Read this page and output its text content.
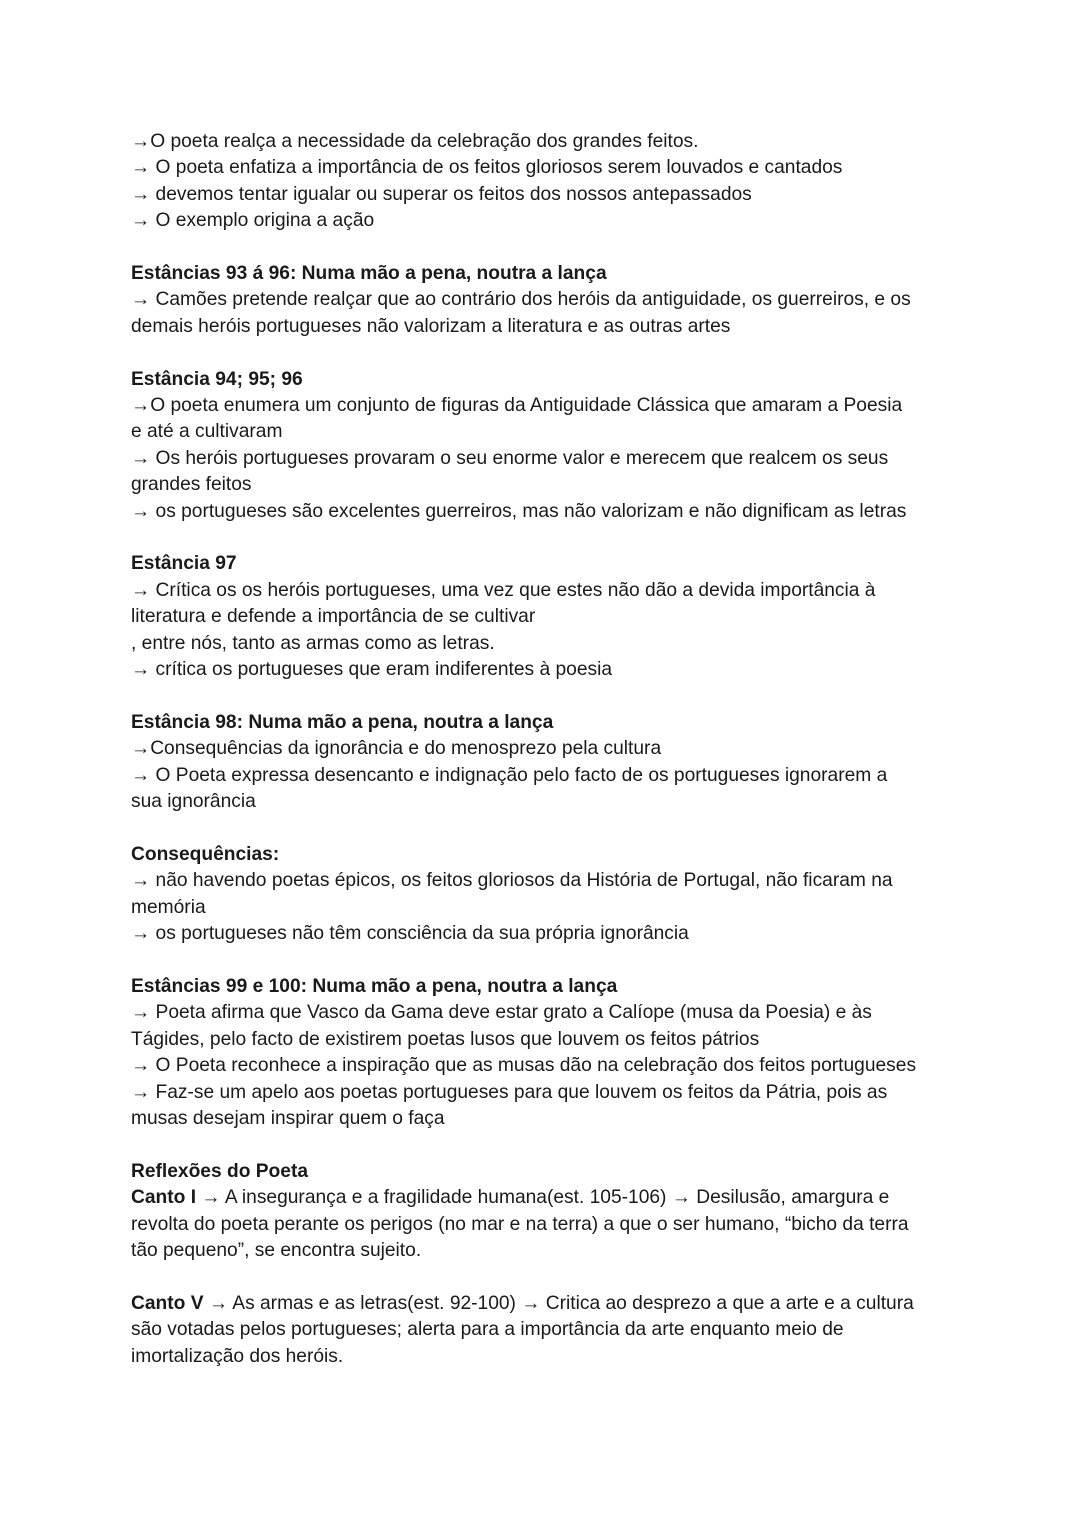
→O poeta realça a necessidade da celebração dos grandes feitos.
→ O poeta enfatiza a importância de os feitos gloriosos serem louvados e cantados
→ devemos tentar igualar ou superar os feitos dos nossos antepassados
→ O exemplo origina a ação
Estâncias 93 á 96: Numa mão a pena, noutra a lança
→ Camões pretende realçar que ao contrário dos heróis da antiguidade, os guerreiros, e os
demais heróis portugueses não valorizam a literatura e as outras artes
Estância 94; 95; 96
→O poeta enumera um conjunto de figuras da Antiguidade Clássica que amaram a Poesia
e até a cultivaram
→ Os heróis portugueses provaram o seu enorme valor e merecem que realcem os seus
grandes feitos
→ os portugueses são excelentes guerreiros, mas não valorizam e não dignificam as letras
Estância 97
→ Crítica os os heróis portugueses, uma vez que estes não dão a devida importância à
literatura e defende a importância de se cultivar
, entre nós, tanto as armas como as letras.
→ crítica os portugueses que eram indiferentes à poesia
Estância 98: Numa mão a pena, noutra a lança
→Consequências da ignorância e do menosprezo pela cultura
→ O Poeta expressa desencanto e indignação pelo facto de os portugueses ignorarem a
sua ignorância
Consequências:
→ não havendo poetas épicos, os feitos gloriosos da História de Portugal, não ficaram na
memória
→ os portugueses não têm consciência da sua própria ignorância
Estâncias 99 e 100: Numa mão a pena, noutra a lança
→ Poeta afirma que Vasco da Gama deve estar grato a Calíope (musa da Poesia) e às
Tágides, pelo facto de existirem poetas lusos que louvem os feitos pátrios
→ O Poeta reconhece a inspiração que as musas dão na celebração dos feitos portugueses
→ Faz-se um apelo aos poetas portugueses para que louvem os feitos da Pátria, pois as
musas desejam inspirar quem o faça
Reflexões do Poeta
Canto I → A insegurança e a fragilidade humana(est. 105-106) → Desilusão, amargura e
revolta do poeta perante os perigos (no mar e na terra) a que o ser humano, “bicho da terra
tão pequeno”, se encontra sujeito.
Canto V → As armas e as letras(est. 92-100) → Critica ao desprezo a que a arte e a cultura
são votadas pelos portugueses; alerta para a importância da arte enquanto meio de
imortalização dos heróis.
